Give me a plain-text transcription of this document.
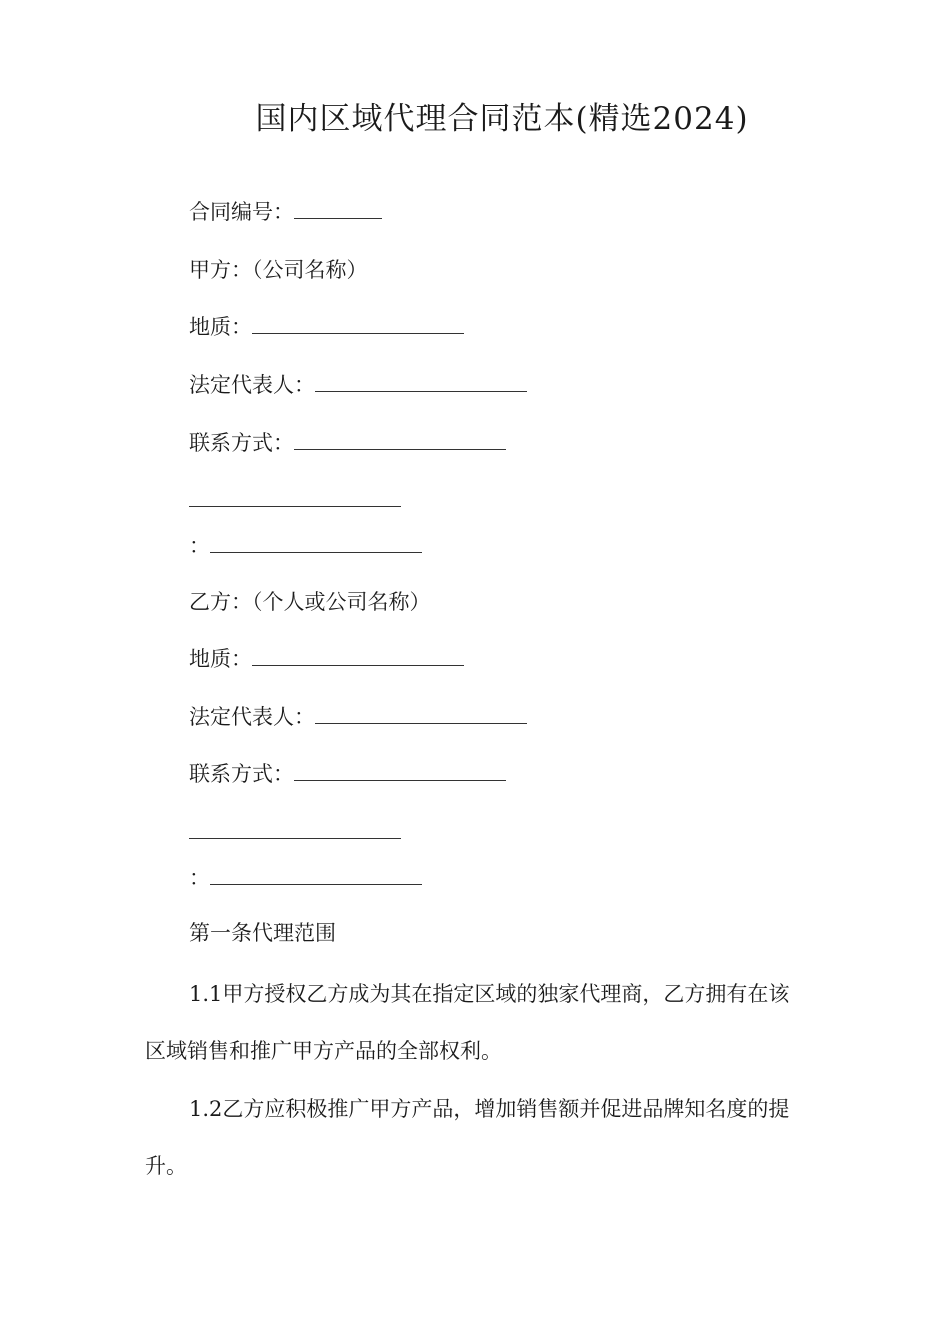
国内区域代理合同范本(精选2024)
合同编号：
甲方：（公司名称）
地质：
法定代表人：
联系方式：
：
乙方：（个人或公司名称）
地质：
法定代表人：
联系方式：
：
第一条代理范围
1.1甲方授权乙方成为其在指定区域的独家代理商，乙方拥有在该区域销售和推广甲方产品的全部权利。
1.2乙方应积极推广甲方产品，增加销售额并促进品牌知名度的提升。
